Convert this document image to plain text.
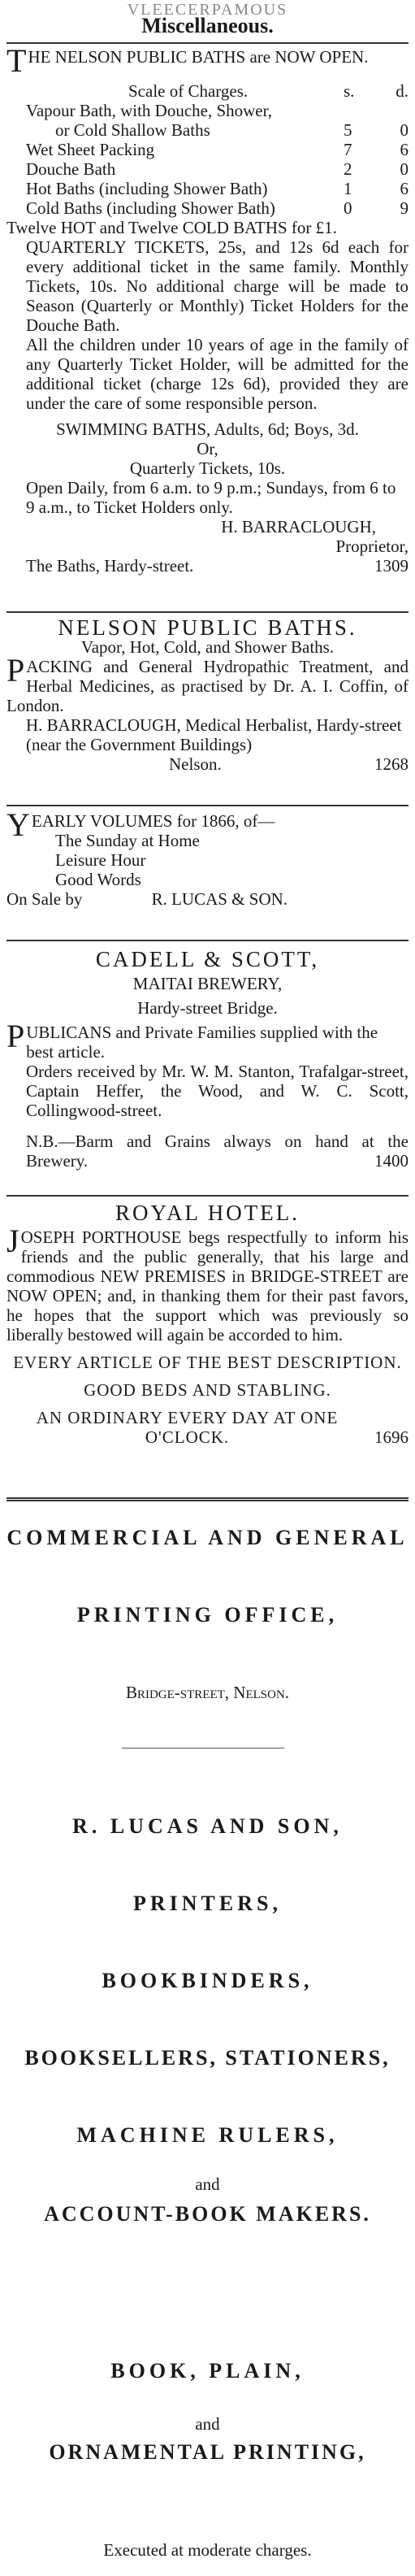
VLEECERPAMOUS
Miscellaneous.
THE NELSON PUBLIC BATHS are NOW OPEN.
Scale of Charges.	s. d.
Vapour Bath, with Douche, Shower,
or Cold Shallow Baths	5	0
Wet Sheet Packing	7	6
Douche Bath	2	0
Hot Baths (including Shower Bath)	1	6
Cold Baths (including Shower Bath)	0	9
Twelve HOT and Twelve COLD BATHS for £1.
QUARTERLY TICKETS, 25s, and 12s 6d each for every additional ticket in the same family. Monthly Tickets, 10s. No additional charge will be made to Season (Quarterly or Monthly) Ticket Holders for the Douche Bath.
All the children under 10 years of age in the family of any Quarterly Ticket Holder, will be admitted for the additional ticket (charge 12s 6d), provided they are under the care of some responsible person.
SWIMMING BATHS, Adults, 6d; Boys, 3d.
Or,
Quarterly Tickets, 10s.
Open Daily, from 6 a.m. to 9 p.m.; Sundays, from 6 to 9 a.m., to Ticket Holders only.
H. BARRACLOUGH,
Proprietor,
The Baths, Hardy-street.	1309
NELSON PUBLIC BATHS.
Vapor, Hot, Cold, and Shower Baths.
PACKING and General Hydropathic Treatment, and Herbal Medicines, as practised by Dr. A. I. Coffin, of London.
H. BARRACLOUGH, Medical Herbalist, Hardy-street (near the Government Buildings)
Nelson.	1268
YEARLY VOLUMES for 1866, of—
The Sunday at Home
Leisure Hour
Good Words
On Sale by	R. LUCAS & SON.
CADELL & SCOTT,
MAITAI BREWERY,
Hardy-street Bridge.
PUBLICANS and Private Families supplied with the best article.
Orders received by Mr. W. M. Stanton, Trafalgar-street, Captain Heffer, the Wood, and W. C. Scott, Collingwood-street.
N.B.—Barm and Grains always on hand at the Brewery.	1400
ROYAL HOTEL.
JOSEPH PORTHOUSE begs respectfully to inform his friends and the public generally, that his large and commodious NEW PREMISES in BRIDGE-STREET are NOW OPEN; and, in thanking them for their past favors, he hopes that the support which was previously so liberally bestowed will again be accorded to him.
EVERY ARTICLE OF THE BEST DESCRIPTION.
GOOD BEDS AND STABLING.
AN ORDINARY EVERY DAY AT ONE O'CLOCK.	1696
COMMERCIAL AND GENERAL
PRINTING OFFICE,
Bridge-street, Nelson.
R. LUCAS AND SON,
PRINTERS,
BOOKBINDERS,
BOOKSELLERS, STATIONERS,
MACHINE RULERS,
and
ACCOUNT-BOOK MAKERS.
BOOK, PLAIN,
and
ORNAMENTAL PRINTING,
Executed at moderate charges.
